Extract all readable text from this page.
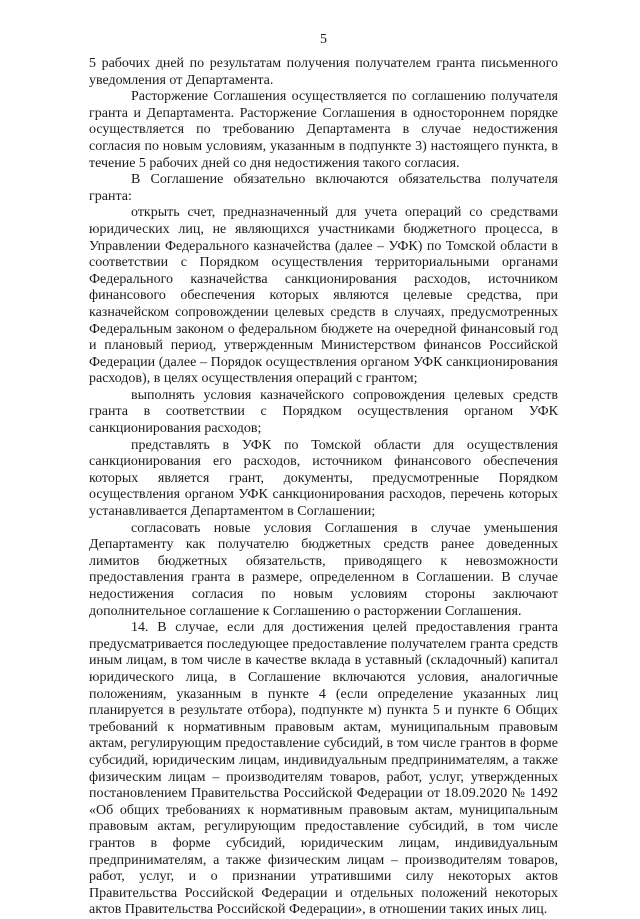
5

5 рабочих дней по результатам получения получателем гранта письменного уведомления от Департамента.

Расторжение Соглашения осуществляется по соглашению получателя гранта и Департамента. Расторжение Соглашения в одностороннем порядке осуществляется по требованию Департамента в случае недостижения согласия по новым условиям, указанным в подпункте 3) настоящего пункта, в течение 5 рабочих дней со дня недостижения такого согласия.

В Соглашение обязательно включаются обязательства получателя гранта:

открыть счет, предназначенный для учета операций со средствами юридических лиц, не являющихся участниками бюджетного процесса, в Управлении Федерального казначейства (далее – УФК) по Томской области в соответствии с Порядком осуществления территориальными органами Федерального казначейства санкционирования расходов, источником финансового обеспечения которых являются целевые средства, при казначейском сопровождении целевых средств в случаях, предусмотренных Федеральным законом о федеральном бюджете на очередной финансовый год и плановый период, утвержденным Министерством финансов Российской Федерации (далее – Порядок осуществления органом УФК санкционирования расходов), в целях осуществления операций с грантом;

выполнять условия казначейского сопровождения целевых средств гранта в соответствии с Порядком осуществления органом УФК санкционирования расходов;

представлять в УФК по Томской области для осуществления санкционирования его расходов, источником финансового обеспечения которых является грант, документы, предусмотренные Порядком осуществления органом УФК санкционирования расходов, перечень которых устанавливается Департаментом в Соглашении;

согласовать новые условия Соглашения в случае уменьшения Департаменту как получателю бюджетных средств ранее доведенных лимитов бюджетных обязательств, приводящего к невозможности предоставления гранта в размере, определенном в Соглашении. В случае недостижения согласия по новым условиям стороны заключают дополнительное соглашение к Соглашению о расторжении Соглашения.

14. В случае, если для достижения целей предоставления гранта предусматривается последующее предоставление получателем гранта средств иным лицам, в том числе в качестве вклада в уставный (складочный) капитал юридического лица, в Соглашение включаются условия, аналогичные положениям, указанным в пункте 4 (если определение указанных лиц планируется в результате отбора), подпункте м) пункта 5 и пункте 6 Общих требований к нормативным правовым актам, муниципальным правовым актам, регулирующим предоставление субсидий, в том числе грантов в форме субсидий, юридическим лицам, индивидуальным предпринимателям, а также физическим лицам – производителям товаров, работ, услуг, утвержденных постановлением Правительства Российской Федерации от 18.09.2020 № 1492 «Об общих требованиях к нормативным правовым актам, муниципальным правовым актам, регулирующим предоставление субсидий, в том числе грантов в форме субсидий, юридическим лицам, индивидуальным предпринимателям, а также физическим лицам – производителям товаров, работ, услуг, и о признании утратившими силу некоторых актов Правительства Российской Федерации и отдельных положений некоторых актов Правительства Российской Федерации», в отношении таких иных лиц.
